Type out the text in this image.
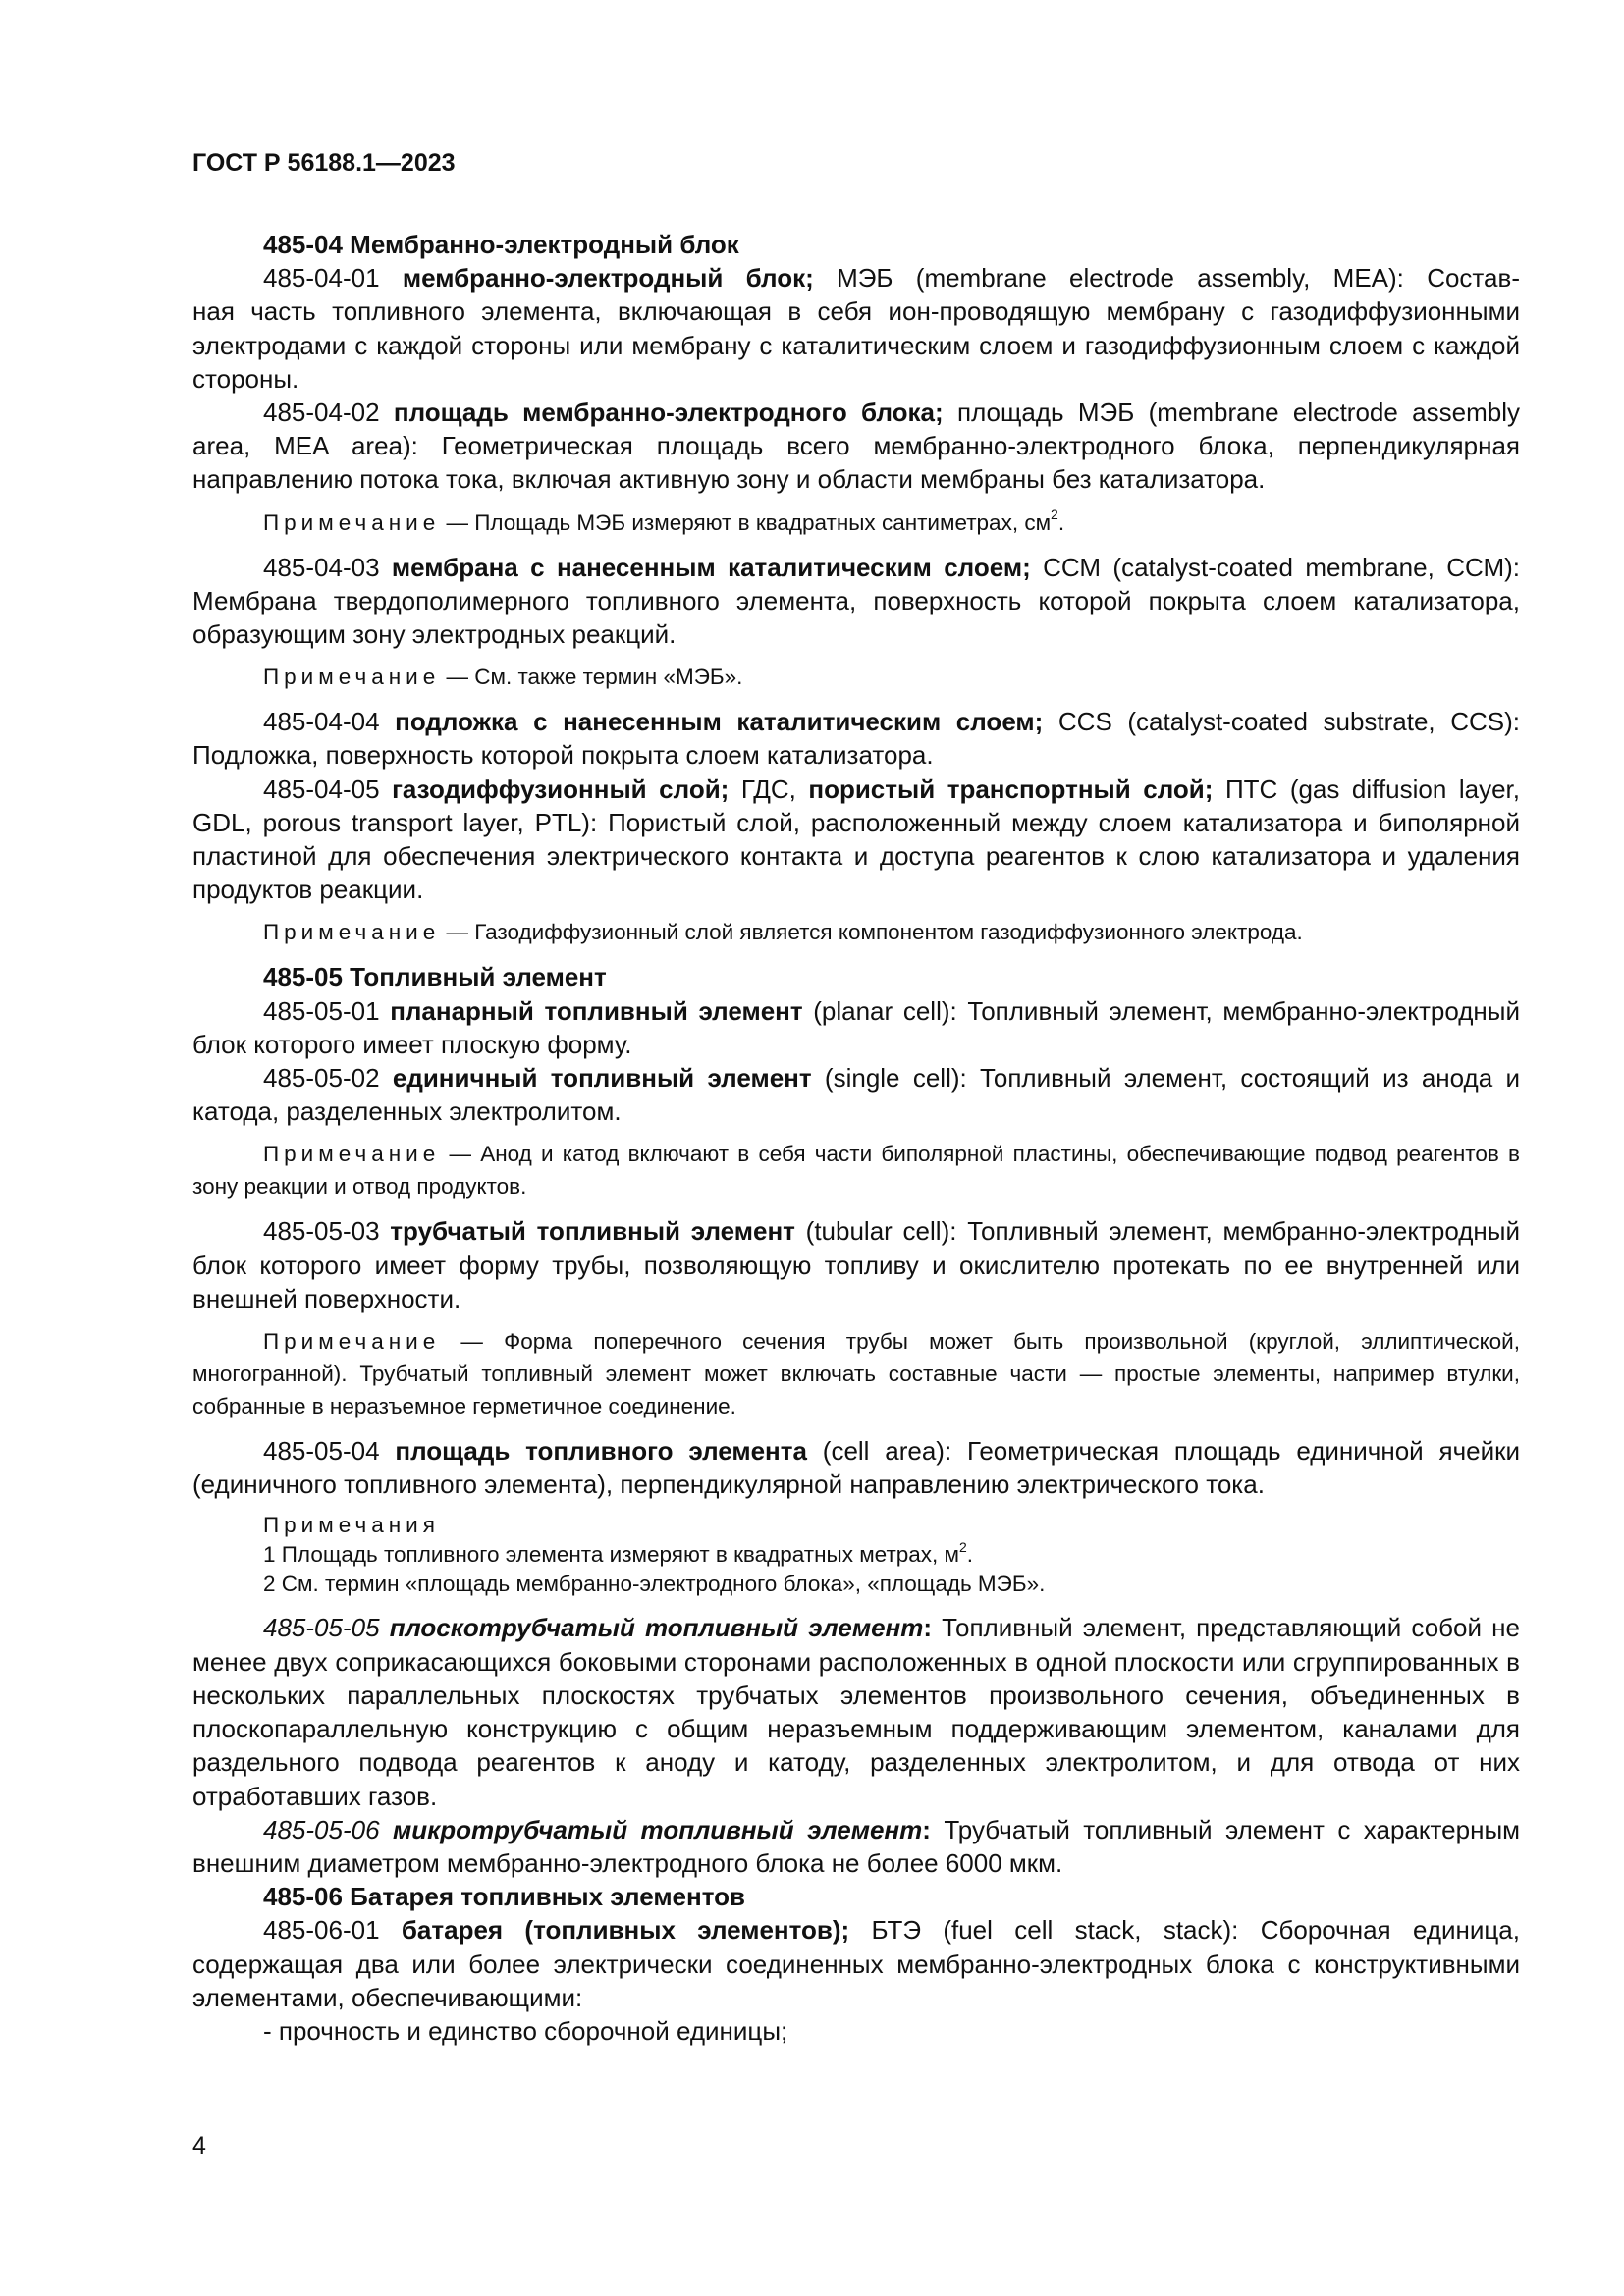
ГОСТ Р 56188.1—2023

485-04 Мембранно-электродный блок

485-04-01 мембранно-электродный блок; МЭБ (membrane electrode assembly, MEA): Состав-

ная часть топливного элемента, включающая в себя ион-проводящую мембрану с газодиффузионными электродами с каждой стороны или мембрану с каталитическим слоем и газодиффузионным слоем с каждой стороны.

485-04-02 площадь мембранно-электродного блока; площадь МЭБ (membrane electrode assembly area, MEA area): Геометрическая площадь всего мембранно-электродного блока, перпендикулярная направлению потока тока, включая активную зону и области мембраны без катализатора.

Примечание — Площадь МЭБ измеряют в квадратных сантиметрах, $см^2$.

485-04-03 мембрана с нанесенным каталитическим слоем; ССМ (catalyst-coated membrane, ССМ): Мембрана твердополимерного топливного элемента, поверхность которой покрыта слоем катализатора, образующим зону электродных реакций.

Примечание — См. также термин «МЭБ».

485-04-04 подложка с нанесенным каталитическим слоем; CCS (catalyst-coated substrate, CCS): Подложка, поверхность которой покрыта слоем катализатора.

485-04-05 газодиффузионный слой; ГДС, пористый транспортный слой; ПТС (gas diffusion layer, GDL, porous transport layer, PTL): Пористый слой, расположенный между слоем катализатора и биполярной пластиной для обеспечения электрического контакта и доступа реагентов к слою катализатора и удаления продуктов реакции.

Примечание — Газодиффузионный слой является компонентом газодиффузионного электрода.

485-05 Топливный элемент

485-05-01 планарный топливный элемент (planar cell): Топливный элемент, мембранно-электродный блок которого имеет плоскую форму.

485-05-02 единичный топливный элемент (single cell): Топливный элемент, состоящий из анода и катода, разделенных электролитом.

Примечание — Анод и катод включают в себя части биполярной пластины, обеспечивающие подвод реагентов в зону реакции и отвод продуктов.

485-05-03 трубчатый топливный элемент (tubular cell): Топливный элемент, мембранно-электродный блок которого имеет форму трубы, позволяющую топливу и окислителю протекать по ее внутренней или внешней поверхности.

Примечание — Форма поперечного сечения трубы может быть произвольной (круглой, эллиптической, многогранной). Трубчатый топливный элемент может включать составные части — простые элементы, например втулки, собранные в неразъемное герметичное соединение.

485-05-04 площадь топливного элемента (cell area): Геометрическая площадь единичной ячейки (единичного топливного элемента), перпендикулярной направлению электрического тока.

Примечания

1 Площадь топливного элемента измеряют в квадратных метрах, $м^2$.

2 См. термин «площадь мембранно-электродного блока», «площадь МЭБ».

485-05-05 плоскотрубчатый топливный элемент: Топливный элемент, представляющий собой не менее двух соприкасающихся боковыми сторонами расположенных в одной плоскости или сгруппированных в нескольких параллельных плоскостях трубчатых элементов произвольного сечения, объединенных в плоскопараллельную конструкцию с общим неразъемным поддерживающим элементом, каналами для раздельного подвода реагентов к аноду и катоду, разделенных электролитом, и для отвода от них отработавших газов.

485-05-06 микротрубчатый топливный элемент: Трубчатый топливный элемент с характерным внешним диаметром мембранно-электродного блока не более 6000 мкм.

485-06 Батарея топливных элементов

485-06-01 батарея (топливных элементов); БТЭ (fuel cell stack, stack): Сборочная единица, содержащая два или более электрически соединенных мембранно-электродных блока с конструктивными элементами, обеспечивающими:

- прочность и единство сборочной единицы;

4
